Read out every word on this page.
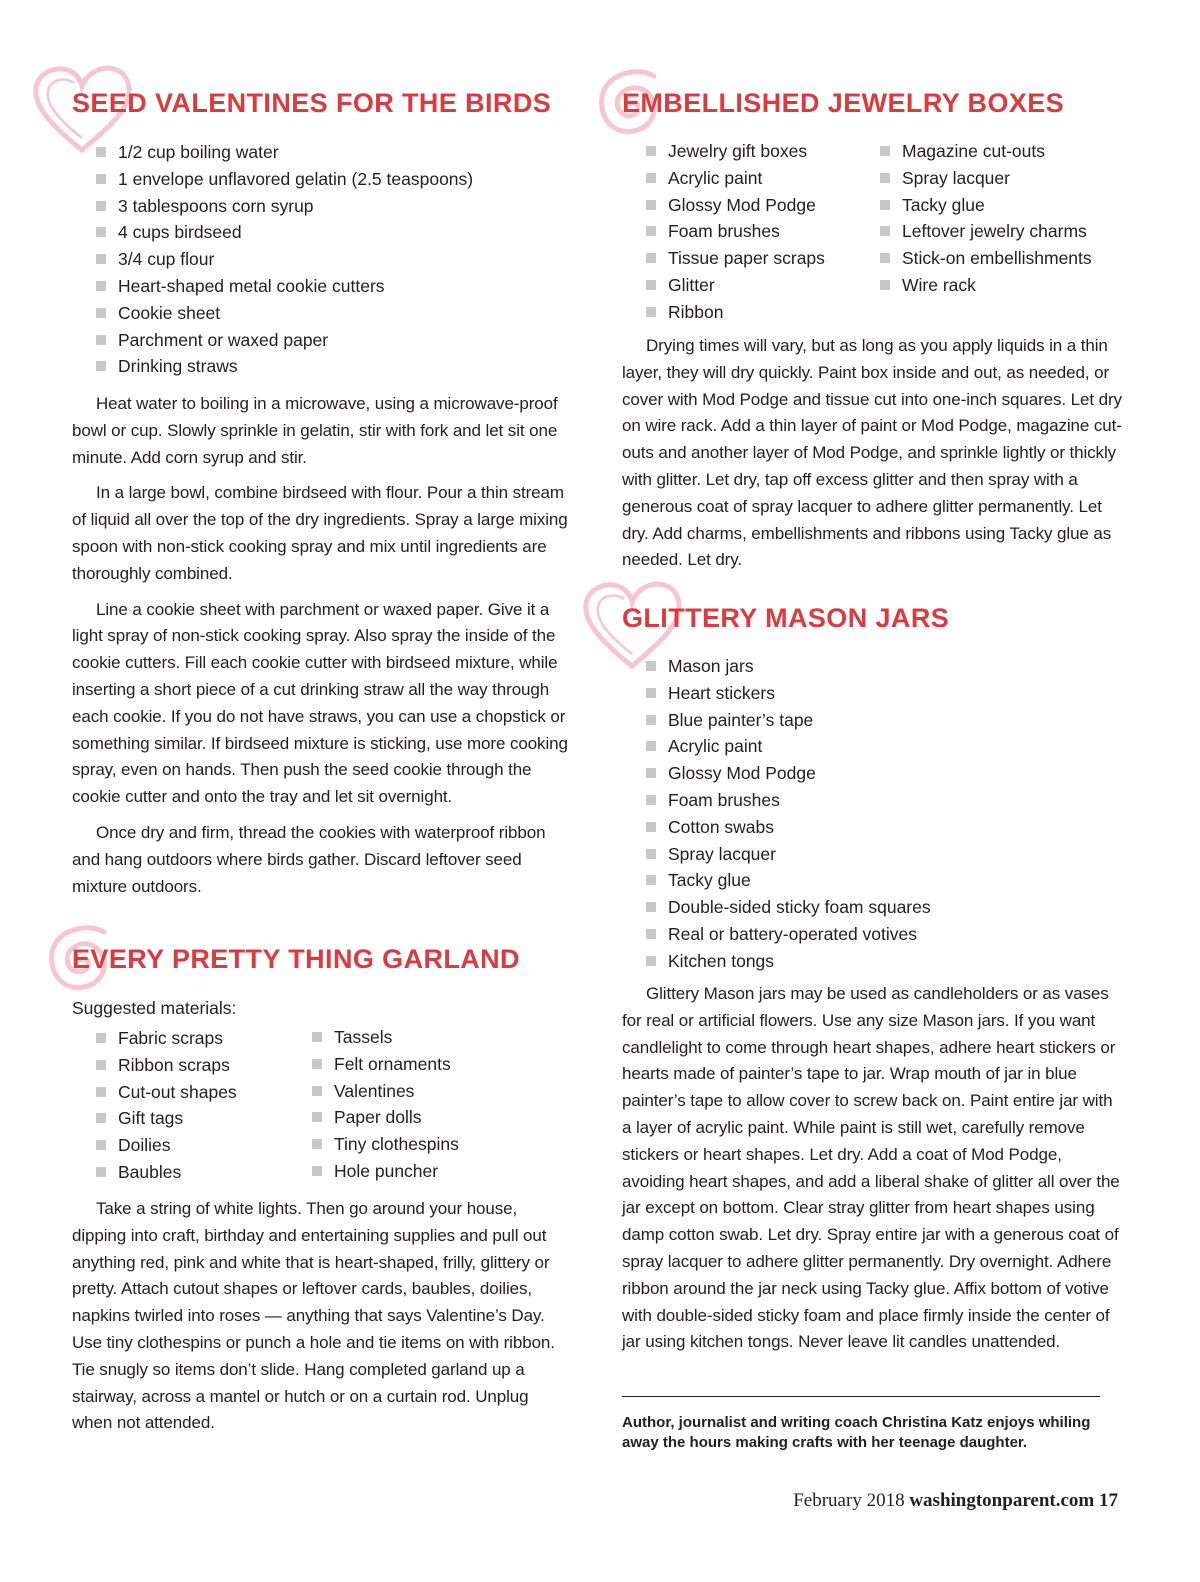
SEED VALENTINES FOR THE BIRDS
1/2 cup boiling water
1 envelope unflavored gelatin (2.5 teaspoons)
3 tablespoons corn syrup
4 cups birdseed
3/4 cup flour
Heart-shaped metal cookie cutters
Cookie sheet
Parchment or waxed paper
Drinking straws

Heat water to boiling in a microwave, using a microwave-proof bowl or cup. Slowly sprinkle in gelatin, stir with fork and let sit one minute. Add corn syrup and stir.

In a large bowl, combine birdseed with flour. Pour a thin stream of liquid all over the top of the dry ingredients. Spray a large mixing spoon with non-stick cooking spray and mix until ingredients are thoroughly combined.

Line a cookie sheet with parchment or waxed paper. Give it a light spray of non-stick cooking spray. Also spray the inside of the cookie cutters. Fill each cookie cutter with birdseed mixture, while inserting a short piece of a cut drinking straw all the way through each cookie. If you do not have straws, you can use a chopstick or something similar. If birdseed mixture is sticking, use more cooking spray, even on hands. Then push the seed cookie through the cookie cutter and onto the tray and let sit overnight.

Once dry and firm, thread the cookies with waterproof ribbon and hang outdoors where birds gather. Discard leftover seed mixture outdoors.

EVERY PRETTY THING GARLAND
Suggested materials:
Fabric scraps
Ribbon scraps
Cut-out shapes
Gift tags
Doilies
Baubles
Tassels
Felt ornaments
Valentines
Paper dolls
Tiny clothespins
Hole puncher

Take a string of white lights. Then go around your house, dipping into craft, birthday and entertaining supplies and pull out anything red, pink and white that is heart-shaped, frilly, glittery or pretty. Attach cutout shapes or leftover cards, baubles, doilies, napkins twirled into roses — anything that says Valentine’s Day. Use tiny clothespins or punch a hole and tie items on with ribbon. Tie snugly so items don’t slide. Hang completed garland up a stairway, across a mantel or hutch or on a curtain rod. Unplug when not attended.

EMBELLISHED JEWELRY BOXES
Jewelry gift boxes
Acrylic paint
Glossy Mod Podge
Foam brushes
Tissue paper scraps
Glitter
Ribbon
Magazine cut-outs
Spray lacquer
Tacky glue
Leftover jewelry charms
Stick-on embellishments
Wire rack

Drying times will vary, but as long as you apply liquids in a thin layer, they will dry quickly. Paint box inside and out, as needed, or cover with Mod Podge and tissue cut into one-inch squares. Let dry on wire rack. Add a thin layer of paint or Mod Podge, magazine cut-outs and another layer of Mod Podge, and sprinkle lightly or thickly with glitter. Let dry, tap off excess glitter and then spray with a generous coat of spray lacquer to adhere glitter permanently. Let dry. Add charms, embellishments and ribbons using Tacky glue as needed. Let dry.

GLITTERY MASON JARS
Mason jars
Heart stickers
Blue painter’s tape
Acrylic paint
Glossy Mod Podge
Foam brushes
Cotton swabs
Spray lacquer
Tacky glue
Double-sided sticky foam squares
Real or battery-operated votives
Kitchen tongs

Glittery Mason jars may be used as candleholders or as vases for real or artificial flowers. Use any size Mason jars. If you want candlelight to come through heart shapes, adhere heart stickers or hearts made of painter’s tape to jar. Wrap mouth of jar in blue painter’s tape to allow cover to screw back on. Paint entire jar with a layer of acrylic paint. While paint is still wet, carefully remove stickers or heart shapes. Let dry. Add a coat of Mod Podge, avoiding heart shapes, and add a liberal shake of glitter all over the jar except on bottom. Clear stray glitter from heart shapes using damp cotton swab. Let dry. Spray entire jar with a generous coat of spray lacquer to adhere glitter permanently. Dry overnight. Adhere ribbon around the jar neck using Tacky glue. Affix bottom of votive with double-sided sticky foam and place firmly inside the center of jar using kitchen tongs. Never leave lit candles unattended.

Author, journalist and writing coach Christina Katz enjoys whiling away the hours making crafts with her teenage daughter.

February 2018 washingtonparent.com 17
